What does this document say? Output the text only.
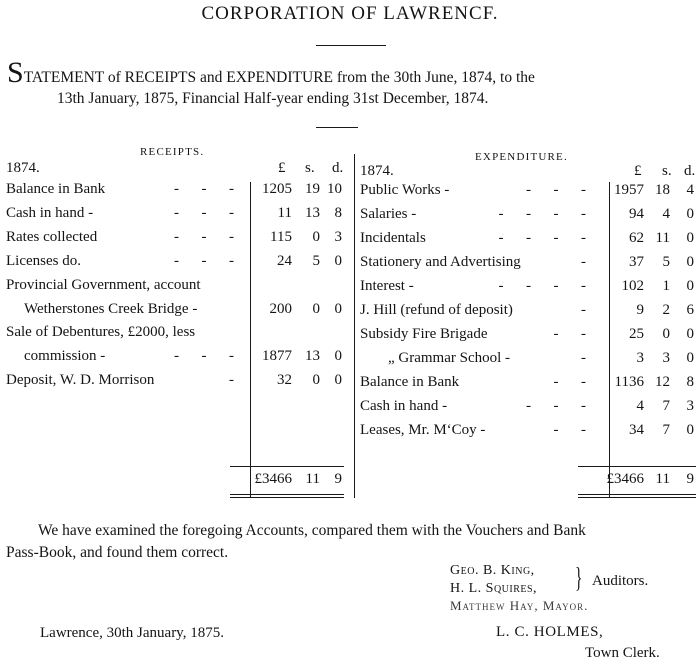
CORPORATION OF LAWRENCF.
STATEMENT of RECEIPTS and EXPENDITURE from the 30th June, 1874, to the
13th January, 1875, Financial Half-year ending 31st December, 1874.
RECEIPTS.	EXPENDITURE.
1874.	£ s. d. 1874.	£ s. d.
Balance in Bank	-      -      -	1205 19 10
Cash in hand -	-      -      -	11 13 8
Rates collected	-      -      -	115	0 3
Licenses do.	-      -      -	24	5 0
Provincial Government, account
Wetherstones Creek Bridge -	200	0 0
Sale of Debentures, £2000, less
commission -	-      -      -	1877 13 0
Deposit, W. D. Morrison	-	32	0 0
Public Works -	-      -      -	1957 18	4
Salaries -	-      -      -      -	94	4	0
Incidentals	-      -      -      -	62 11	0
Stationery and Advertising	-	37	5	0
Interest -	-      -      -      -	102	1	0
J. Hill (refund of deposit)	-	9	2	6
Subsidy Fire Brigade	-      -	25	0	0
„ Grammar School -	-	3	3	0
Balance in Bank	-      -	1136 12	8
Cash in hand -	-      -      -	4	7	3
Leases, Mr. M‘Coy -	-      -	34	7	0
£3466 11 9	£3466 11	9
We have examined the foregoing Accounts, compared them with the Vouchers and Bank
Pass-Book, and found them correct.
Geo. B. King,
H. L. Squires, } Auditors.
Matthew Hay, Mayor.
Lawrence, 30th January, 1875.	L. C. HOLMES,
Town Clerk.
